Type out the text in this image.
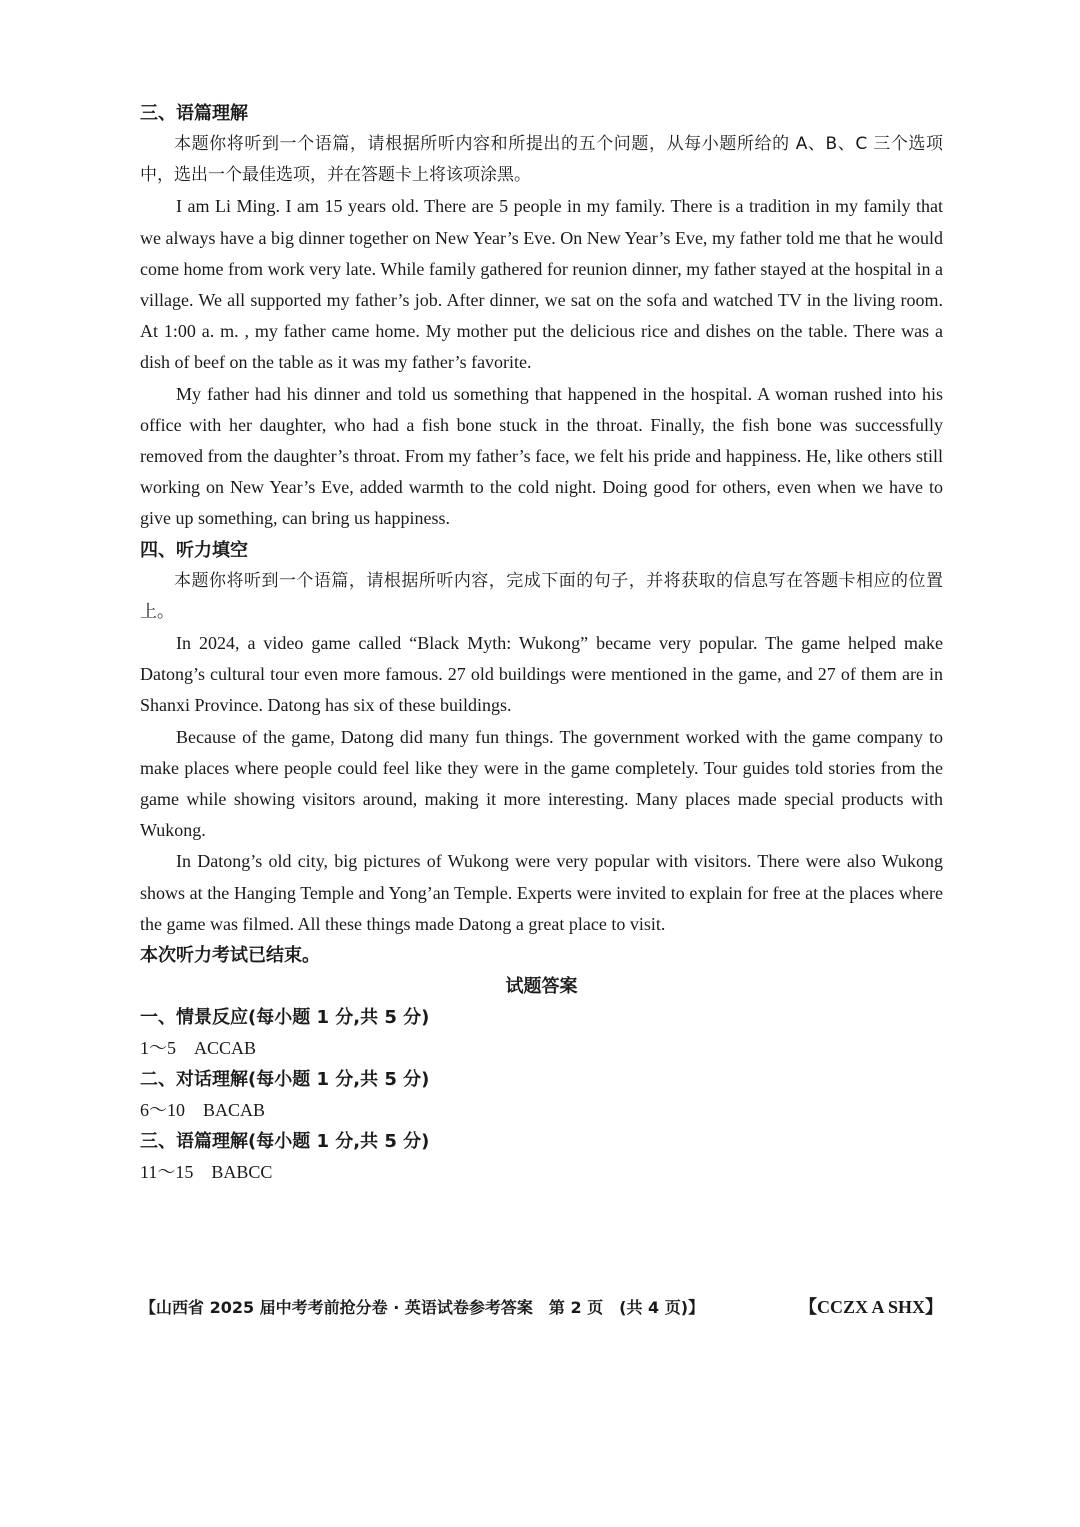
三、语篇理解

本题你将听到一个语篇，请根据所听内容和所提出的五个问题，从每小题所给的 A、B、C 三个选项中，选出一个最佳选项，并在答题卡上将该项涂黑。

I am Li Ming. I am 15 years old. There are 5 people in my family. There is a tradition in my family that we always have a big dinner together on New Year’s Eve. On New Year’s Eve, my father told me that he would come home from work very late. While family gathered for reunion dinner, my father stayed at the hospital in a village. We all supported my father’s job. After dinner, we sat on the sofa and watched TV in the living room. At 1:00 a. m. , my father came home. My mother put the delicious rice and dishes on the table. There was a dish of beef on the table as it was my father’s favorite.

My father had his dinner and told us something that happened in the hospital. A woman rushed into his office with her daughter, who had a fish bone stuck in the throat. Finally, the fish bone was successfully removed from the daughter’s throat. From my father’s face, we felt his pride and happiness. He, like others still working on New Year’s Eve, added warmth to the cold night. Doing good for others, even when we have to give up something, can bring us happiness.

四、听力填空

本题你将听到一个语篇，请根据所听内容，完成下面的句子，并将获取的信息写在答题卡相应的位置上。

In 2024, a video game called “Black Myth: Wukong” became very popular. The game helped make Datong’s cultural tour even more famous. 27 old buildings were mentioned in the game, and 27 of them are in Shanxi Province. Datong has six of these buildings.

Because of the game, Datong did many fun things. The government worked with the game company to make places where people could feel like they were in the game completely. Tour guides told stories from the game while showing visitors around, making it more interesting. Many places made special products with Wukong.

In Datong’s old city, big pictures of Wukong were very popular with visitors. There were also Wukong shows at the Hanging Temple and Yong’an Temple. Experts were invited to explain for free at the places where the game was filmed. All these things made Datong a great place to visit.

本次听力考试已结束。

试题答案

一、情景反应(每小题 1 分,共 5 分)

1～5　ACCAB

二、对话理解(每小题 1 分,共 5 分)

6～10　BACAB

三、语篇理解(每小题 1 分,共 5 分)

11～15　BABCC

【山西省 2025 届中考考前抢分卷 · 英语试卷参考答案　第 2 页　(共 4 页)】	【CCZX A SHX】
